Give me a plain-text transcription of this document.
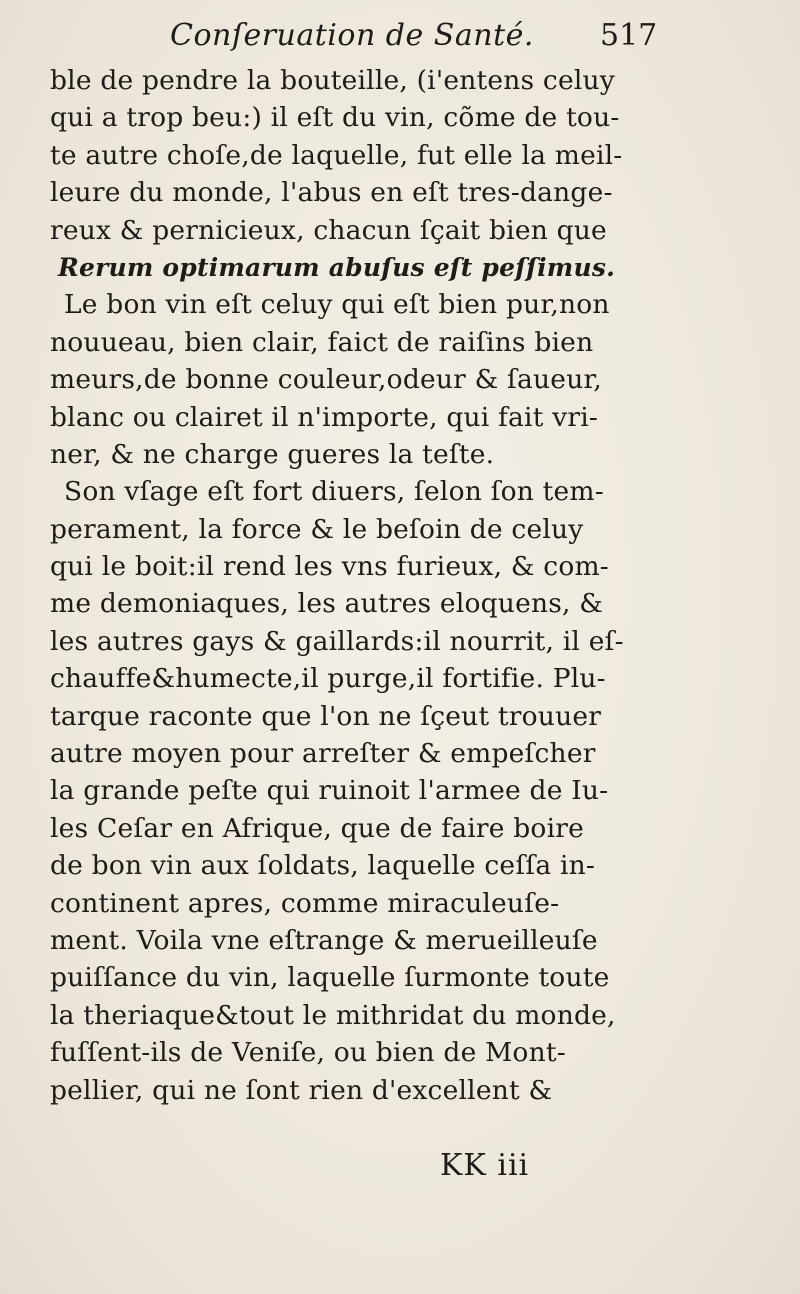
Conſeruation de Santé. 517
ble de pendre la bouteille, (i'entens celuy
qui a trop beu:) il eſt du vin, cõme de tou-
te autre choſe,de laquelle, fut elle la meil-
leure du monde, l'abus en eſt tres-dange-
reux & pernicieux, chacun ſçait bien que
Rerum optimarum abuſus eſt peſſimus.
Le bon vin eſt celuy qui eſt bien pur,non
nouueau, bien clair, faict de raiſins bien
meurs,de bonne couleur,odeur & ſaueur,
blanc ou clairet il n'importe, qui fait vri-
ner, & ne charge gueres la teſte.
Son vſage eſt fort diuers, ſelon ſon tem-
perament, la force & le beſoin de celuy
qui le boit:il rend les vns furieux, & com-
me demoniaques, les autres eloquens, &
les autres gays & gaillards:il nourrit, il eſ-
chauffe&humecte,il purge,il fortifie. Plu-
tarque raconte que l'on ne ſçeut trouuer
autre moyen pour arreſter & empeſcher
la grande peſte qui ruinoit l'armee de Iu-
les Ceſar en Afrique, que de faire boire
de bon vin aux ſoldats, laquelle ceſſa in-
continent apres, comme miraculeuſe-
ment. Voila vne eſtrange & merueilleuſe
puiſſance du vin, laquelle ſurmonte toute
la theriaque&tout le mithridat du monde,
fuſſent-ils de Veniſe, ou bien de Mont-
pellier, qui ne ſont rien d'excellent &
KK iii
